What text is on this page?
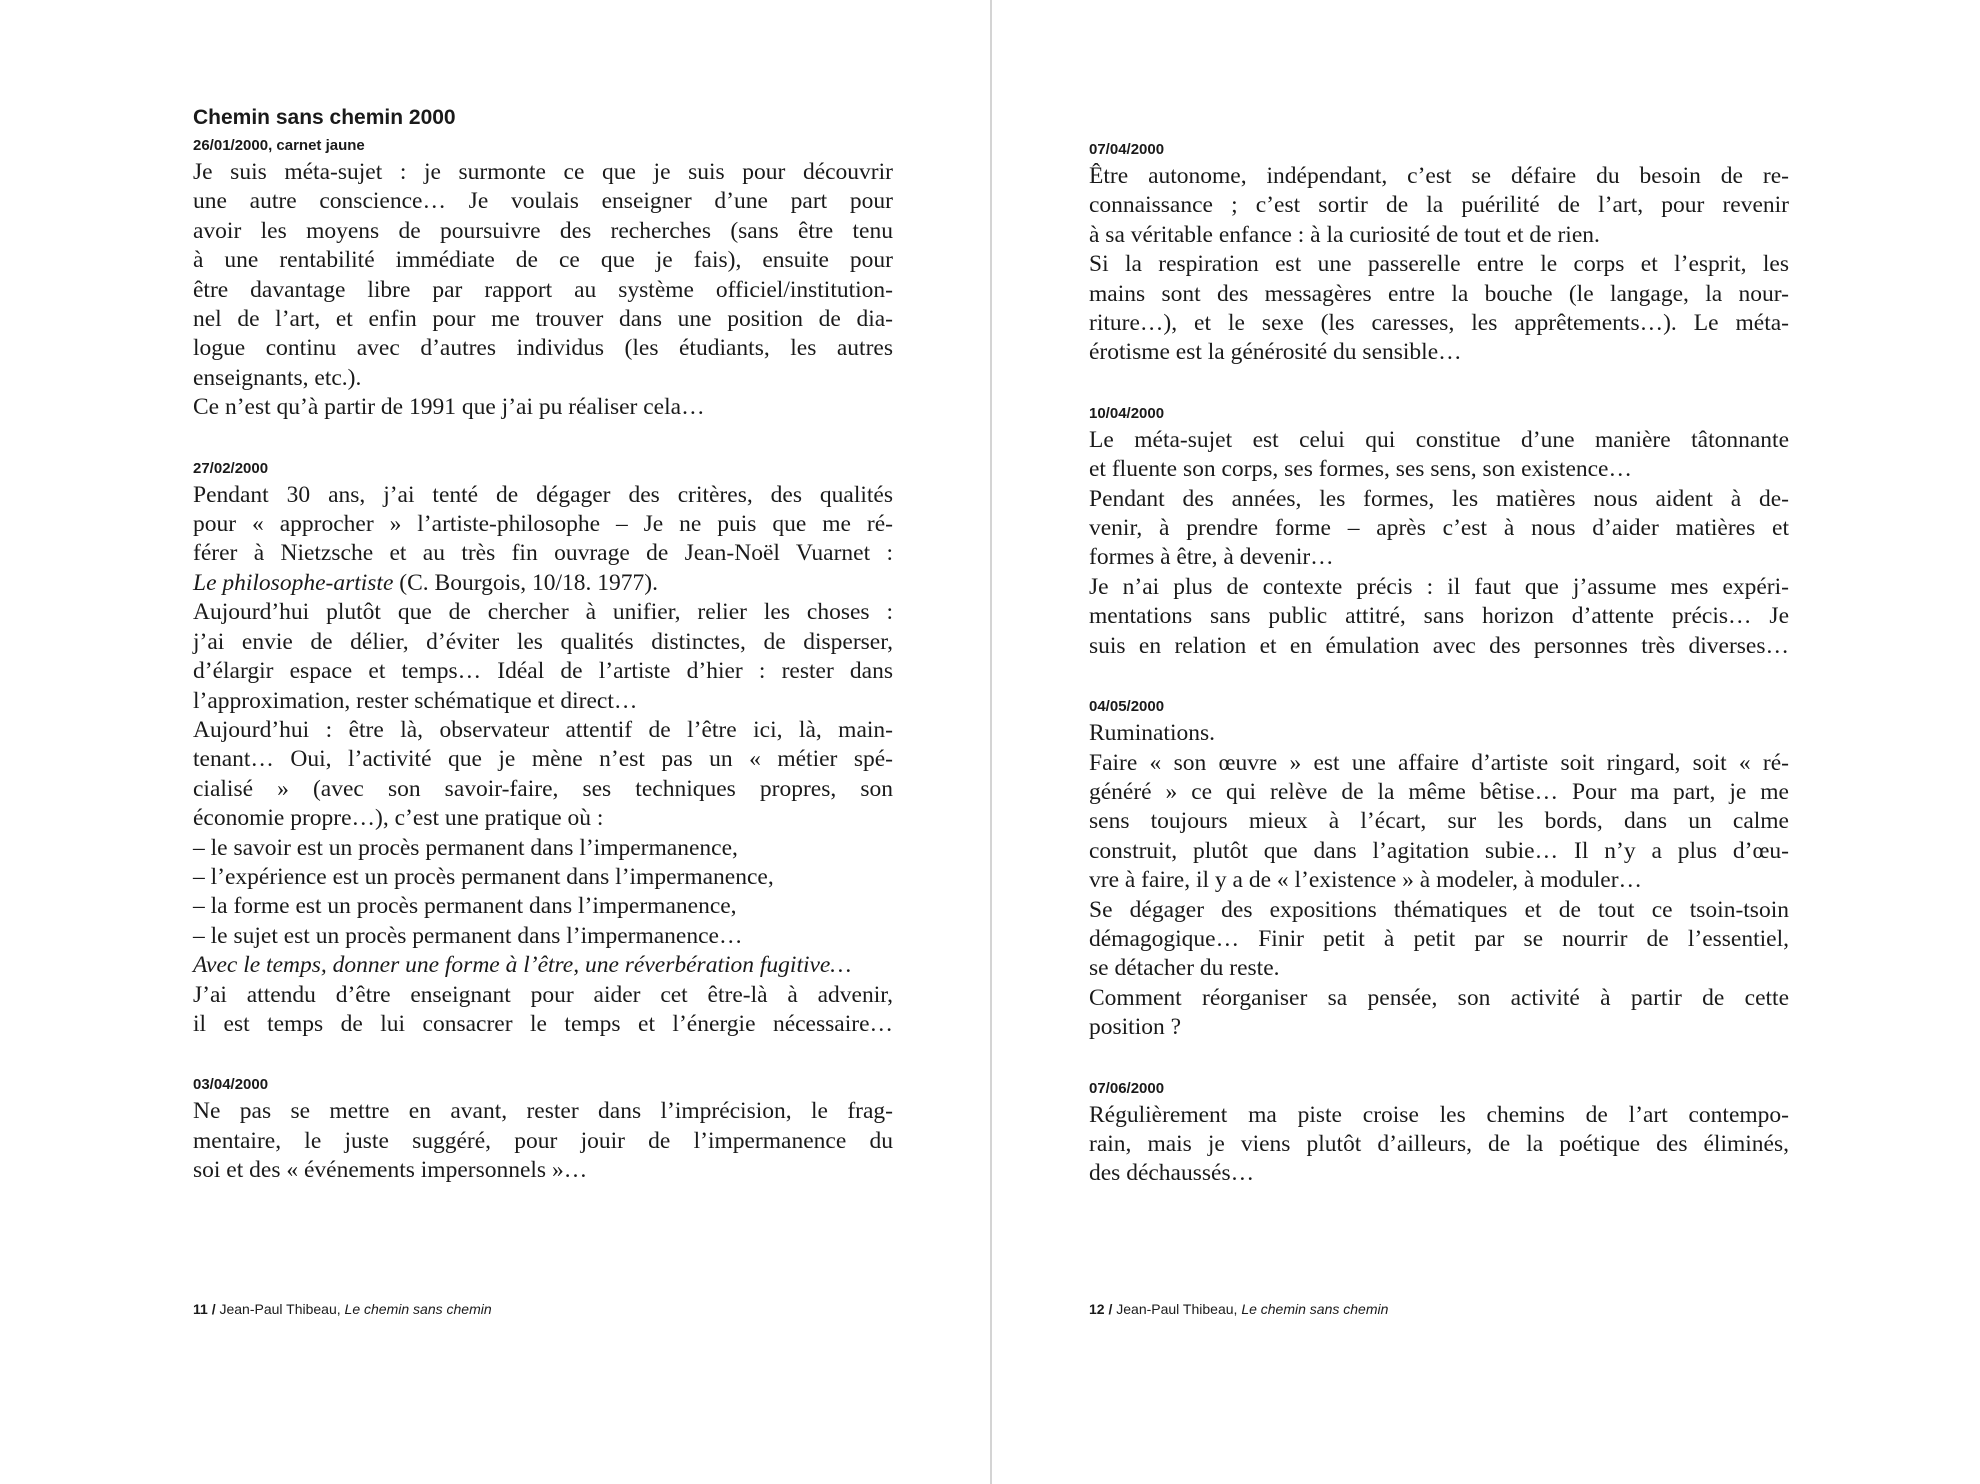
Chemin sans chemin 2000
26/01/2000, carnet jaune

Je suis méta-sujet : je surmonte ce que je suis pour découvrir
une autre conscience… Je voulais enseigner d’une part pour
avoir les moyens de poursuivre des recherches (sans être tenu
à une rentabilité immédiate de ce que je fais), ensuite pour
être davantage libre par rapport au système officiel/institution-
nel de l’art, et enfin pour me trouver dans une position de dia-
logue continu avec d’autres individus (les étudiants, les autres
enseignants, etc.).
Ce n’est qu’à partir de 1991 que j’ai pu réaliser cela…

27/02/2000

Pendant 30 ans, j’ai tenté de dégager des critères, des qualités
pour « approcher » l’artiste-philosophe – Je ne puis que me ré-
férer à Nietzsche et au très fin ouvrage de Jean-Noël Vuarnet :
Le philosophe-artiste (C. Bourgois, 10/18. 1977).
Aujourd’hui plutôt que de chercher à unifier, relier les choses :
j’ai envie de délier, d’éviter les qualités distinctes, de disperser,
d’élargir espace et temps… Idéal de l’artiste d’hier : rester dans
l’approximation, rester schématique et direct…
Aujourd’hui : être là, observateur attentif de l’être ici, là, main-
tenant… Oui, l’activité que je mène n’est pas un « métier spé-
cialisé » (avec son savoir-faire, ses techniques propres, son
économie propre…), c’est une pratique où :
– le savoir est un procès permanent dans l’impermanence,
– l’expérience est un procès permanent dans l’impermanence,
– la forme est un procès permanent dans l’impermanence,
– le sujet est un procès permanent dans l’impermanence…
Avec le temps, donner une forme à l’être, une réverbération fugitive…
J’ai attendu d’être enseignant pour aider cet être-là à advenir,
il est temps de lui consacrer le temps et l’énergie nécessaire…

03/04/2000

Ne pas se mettre en avant, rester dans l’imprécision, le frag-
mentaire, le juste suggéré, pour jouir de l’impermanence du
soi et des « événements impersonnels »…

11 / Jean-Paul Thibeau, Le chemin sans chemin
07/04/2000

Être autonome, indépendant, c’est se défaire du besoin de re-
connaissance ; c’est sortir de la puérilité de l’art, pour revenir
à sa véritable enfance : à la curiosité de tout et de rien.
Si la respiration est une passerelle entre le corps et l’esprit, les
mains sont des messagères entre la bouche (le langage, la nour-
riture…), et le sexe (les caresses, les apprêtements…). Le méta-
érotisme est la générosité du sensible…

10/04/2000

Le méta-sujet est celui qui constitue d’une manière tâtonnante
et fluente son corps, ses formes, ses sens, son existence…
Pendant des années, les formes, les matières nous aident à de-
venir, à prendre forme – après c’est à nous d’aider matières et
formes à être, à devenir…
Je n’ai plus de contexte précis : il faut que j’assume mes expéri-
mentations sans public attitré, sans horizon d’attente précis… Je
suis en relation et en émulation avec des personnes très diverses…

04/05/2000

Ruminations.
Faire « son œuvre » est une affaire d’artiste soit ringard, soit « ré-
généré » ce qui relève de la même bêtise… Pour ma part, je me
sens toujours mieux à l’écart, sur les bords, dans un calme
construit, plutôt que dans l’agitation subie… Il n’y a plus d’œu-
vre à faire, il y a de « l’existence » à modeler, à moduler…
Se dégager des expositions thématiques et de tout ce tsoin-tsoin
démagogique… Finir petit à petit par se nourrir de l’essentiel,
se détacher du reste.
Comment réorganiser sa pensée, son activité à partir de cette
position ?

07/06/2000

Régulièrement ma piste croise les chemins de l’art contempo-
rain, mais je viens plutôt d’ailleurs, de la poétique des éliminés,
des déchaussés…

12 / Jean-Paul Thibeau, Le chemin sans chemin
